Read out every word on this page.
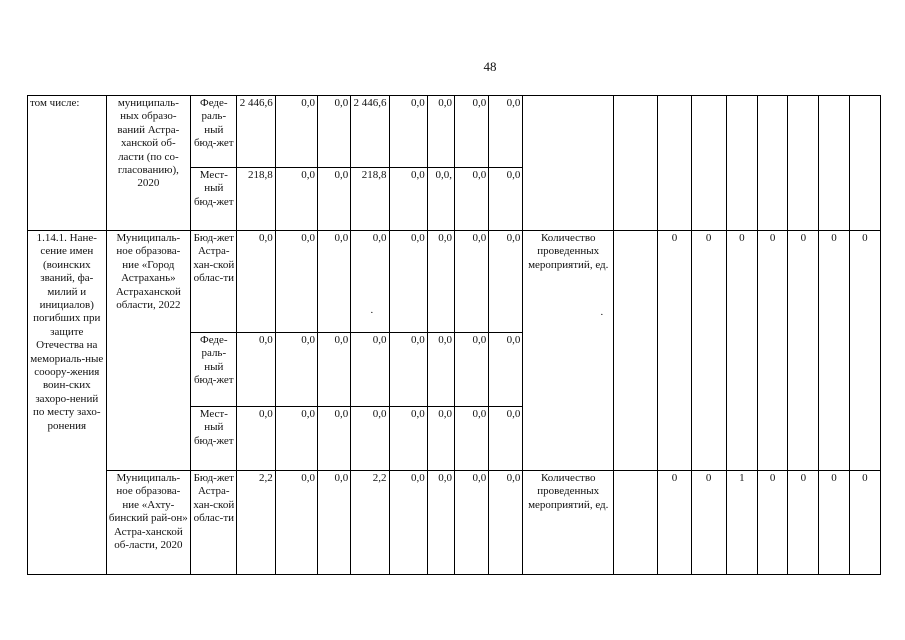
48
том числе:	муниципаль-ных образо-ваний Астра-ханской об-ласти (по со-гласованию), 2020	Феде-раль-ный бюд-жет	2 446,6	0,0	0,0	2 446,6	0,0	0,0	0,0	0,0									
		Мест-ный бюд-жет	218,8	0,0	0,0	218,8	0,0	0,0,	0,0	0,0									
1.14.1. Нане-сение имен (воинских званий, фа-милий и инициалов) погибших при защите Отечества на мемориаль-ные сооору-жения воин-ских захоро-нений по месту захо-ронения	Муниципаль-ное образова-ние «Город Астрахань» Астраханской области, 2022	Бюд-жет Астра-хан-ской облас-ти	0,0	0,0	0,0	0,0	0,0	0,0	0,0	0,0	Количество проведенных мероприятий, ед.		0	0	0	0	0	0	0
		Феде-раль-ный бюд-жет	0,0	0,0	0,0	0,0	0,0	0,0	0,0	0,0									
		Мест-ный бюд-жет	0,0	0,0	0,0	0,0	0,0	0,0	0,0	0,0									
	Муниципаль-ное образова-ние «Ахту-бинский рай-он» Астра-ханской об-ласти, 2020	Бюд-жет Астра-хан-ской облас-ти	2,2	0,0	0,0	2,2	0,0	0,0	0,0	0,0	Количество проведенных мероприятий, ед.		0	0	1	0	0	0	0
·	·
